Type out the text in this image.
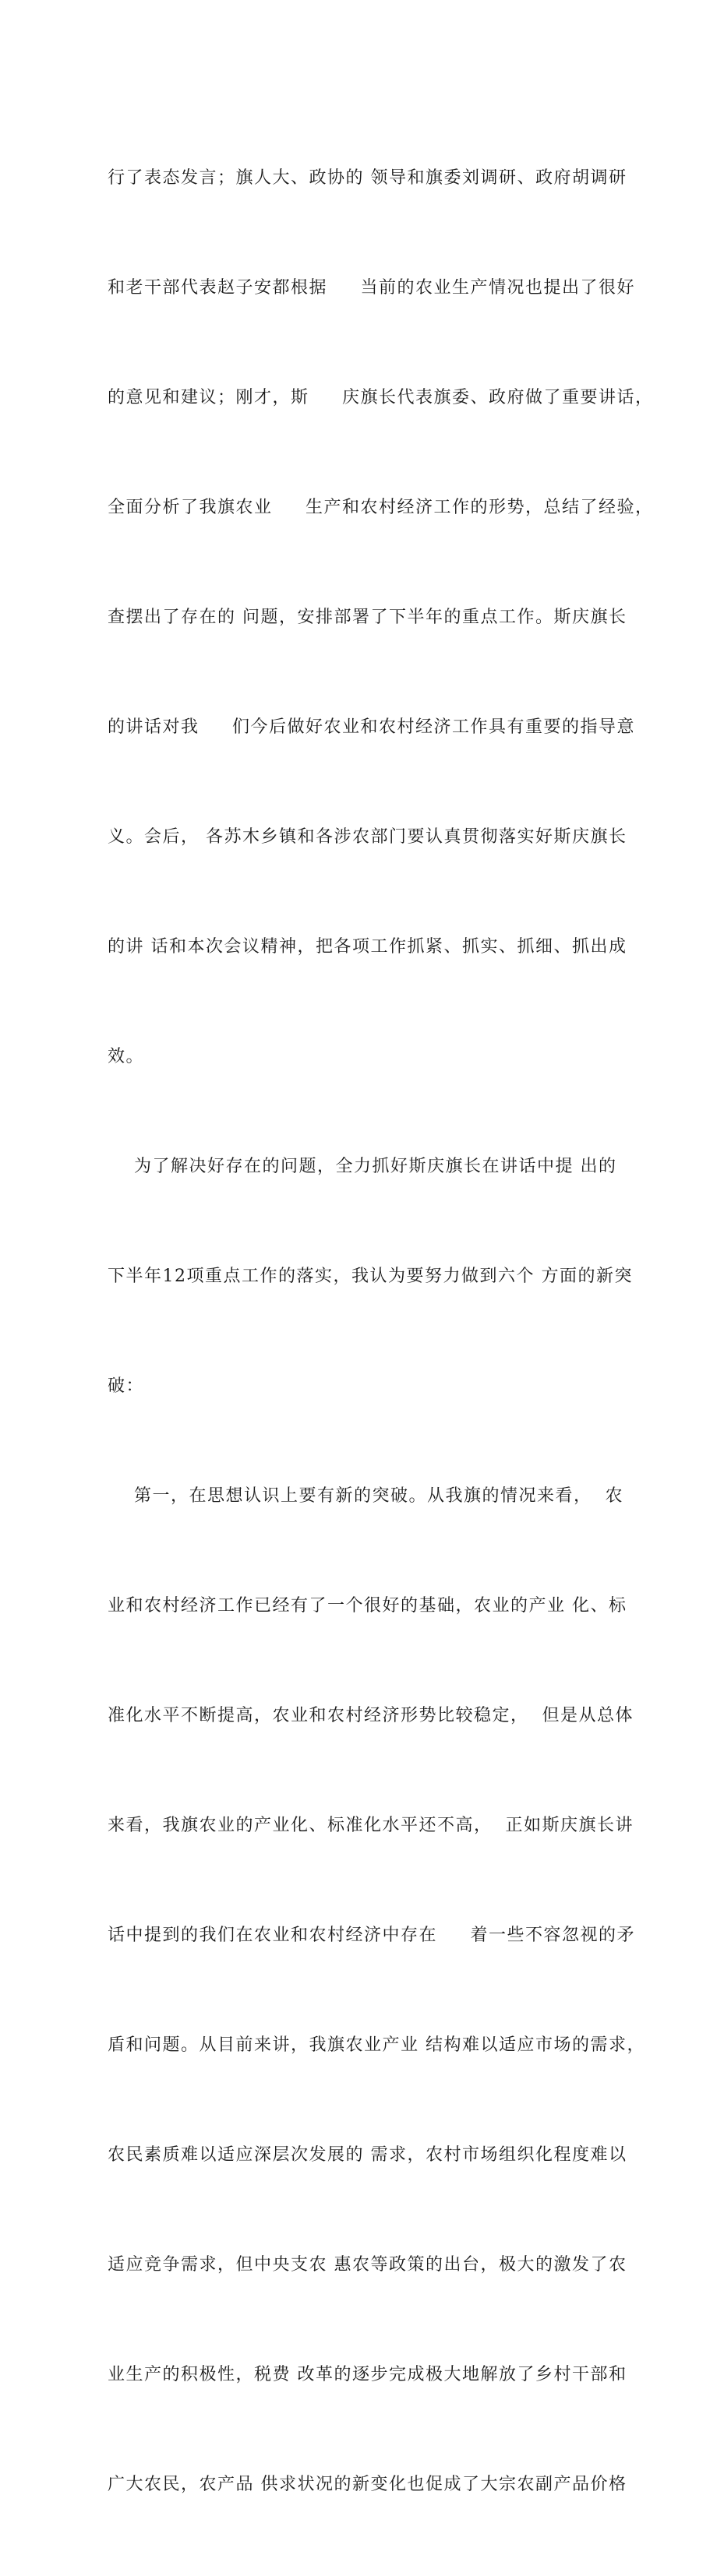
行了表态发言；旗人大、政协的 领导和旗委刘调研、政府胡调研

和老干部代表赵子安都根据     当前的农业生产情况也提出了很好

的意见和建议；刚才，斯     庆旗长代表旗委、政府做了重要讲话，

全面分析了我旗农业     生产和农村经济工作的形势，总结了经验，

查摆出了存在的 问题，安排部署了下半年的重点工作。斯庆旗长

的讲话对我     们今后做好农业和农村经济工作具有重要的指导意

义。会后， 各苏木乡镇和各涉农部门要认真贯彻落实好斯庆旗长

的讲 话和本次会议精神，把各项工作抓紧、抓实、抓细、抓出成

效。

为了解决好存在的问题，全力抓好斯庆旗长在讲话中提 出的

下半年12项重点工作的落实，我认为要努力做到六个 方面的新突

破：

第一，在思想认识上要有新的突破。从我旗的情况来看，  农

业和农村经济工作已经有了一个很好的基础，农业的产业 化、标

准化水平不断提高，农业和农村经济形势比较稳定，  但是从总体

来看，我旗农业的产业化、标准化水平还不高，  正如斯庆旗长讲

话中提到的我们在农业和农村经济中存在     着一些不容忽视的矛

盾和问题。从目前来讲，我旗农业产业 结构难以适应市场的需求，

农民素质难以适应深层次发展的 需求，农村市场组织化程度难以

适应竞争需求，但中央支农 惠农等政策的出台，极大的激发了农

业生产的积极性，税费 改革的逐步完成极大地解放了乡村干部和

广大农民，农产品 供求状况的新变化也促成了大宗农副产品价格
